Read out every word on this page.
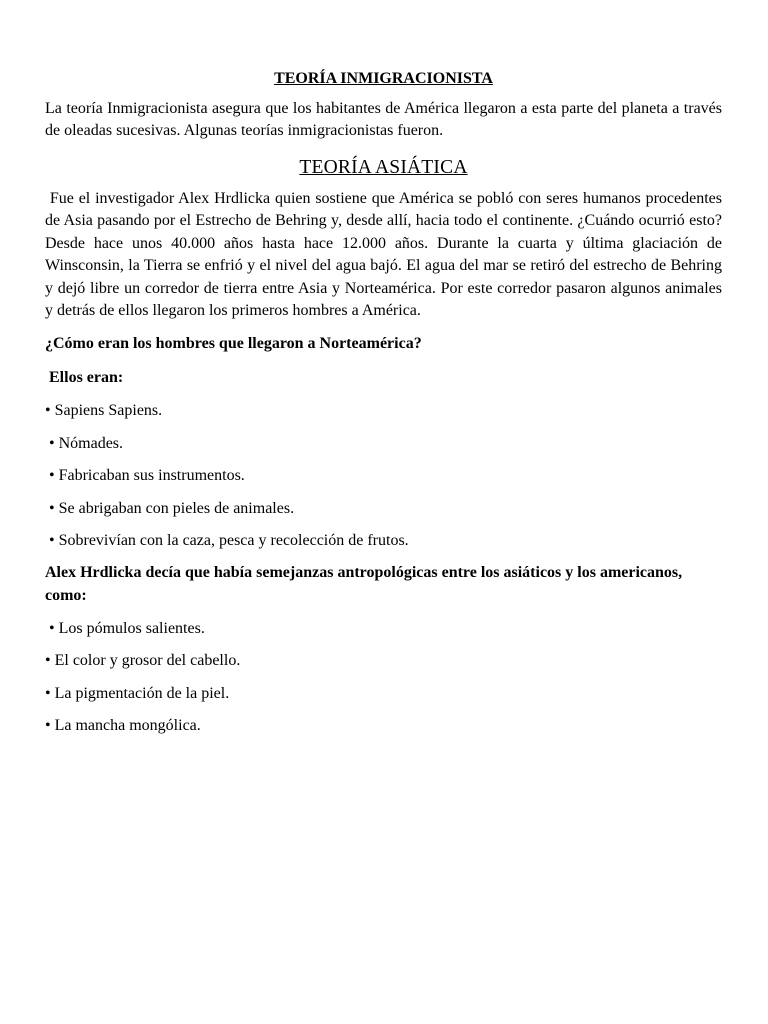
TEORÍA INMIGRACIONISTA

La teoría Inmigracionista asegura que los habitantes de América llegaron a esta parte del planeta a través de oleadas sucesivas. Algunas teorías inmigracionistas fueron.

TEORÍA ASIÁTICA

Fue el investigador Alex Hrdlicka quien sostiene que América se pobló con seres humanos procedentes de Asia pasando por el Estrecho de Behring y, desde allí, hacia todo el continente. ¿Cuándo ocurrió esto? Desde hace unos 40.000 años hasta hace 12.000 años. Durante la cuarta y última glaciación de Winsconsin, la Tierra se enfrió y el nivel del agua bajó. El agua del mar se retiró del estrecho de Behring y dejó libre un corredor de tierra entre Asia y Norteamérica. Por este corredor pasaron algunos animales y detrás de ellos llegaron los primeros hombres a América.

¿Cómo eran los hombres que llegaron a Norteamérica?

Ellos eran:

• Sapiens Sapiens.
• Nómades.
• Fabricaban sus instrumentos.
• Se abrigaban con pieles de animales.
• Sobrevivían con la caza, pesca y recolección de frutos.

Alex Hrdlicka decía que había semejanzas antropológicas entre los asiáticos y los americanos, como:

• Los pómulos salientes.
• El color y grosor del cabello.
• La pigmentación de la piel.
• La mancha mongólica.
